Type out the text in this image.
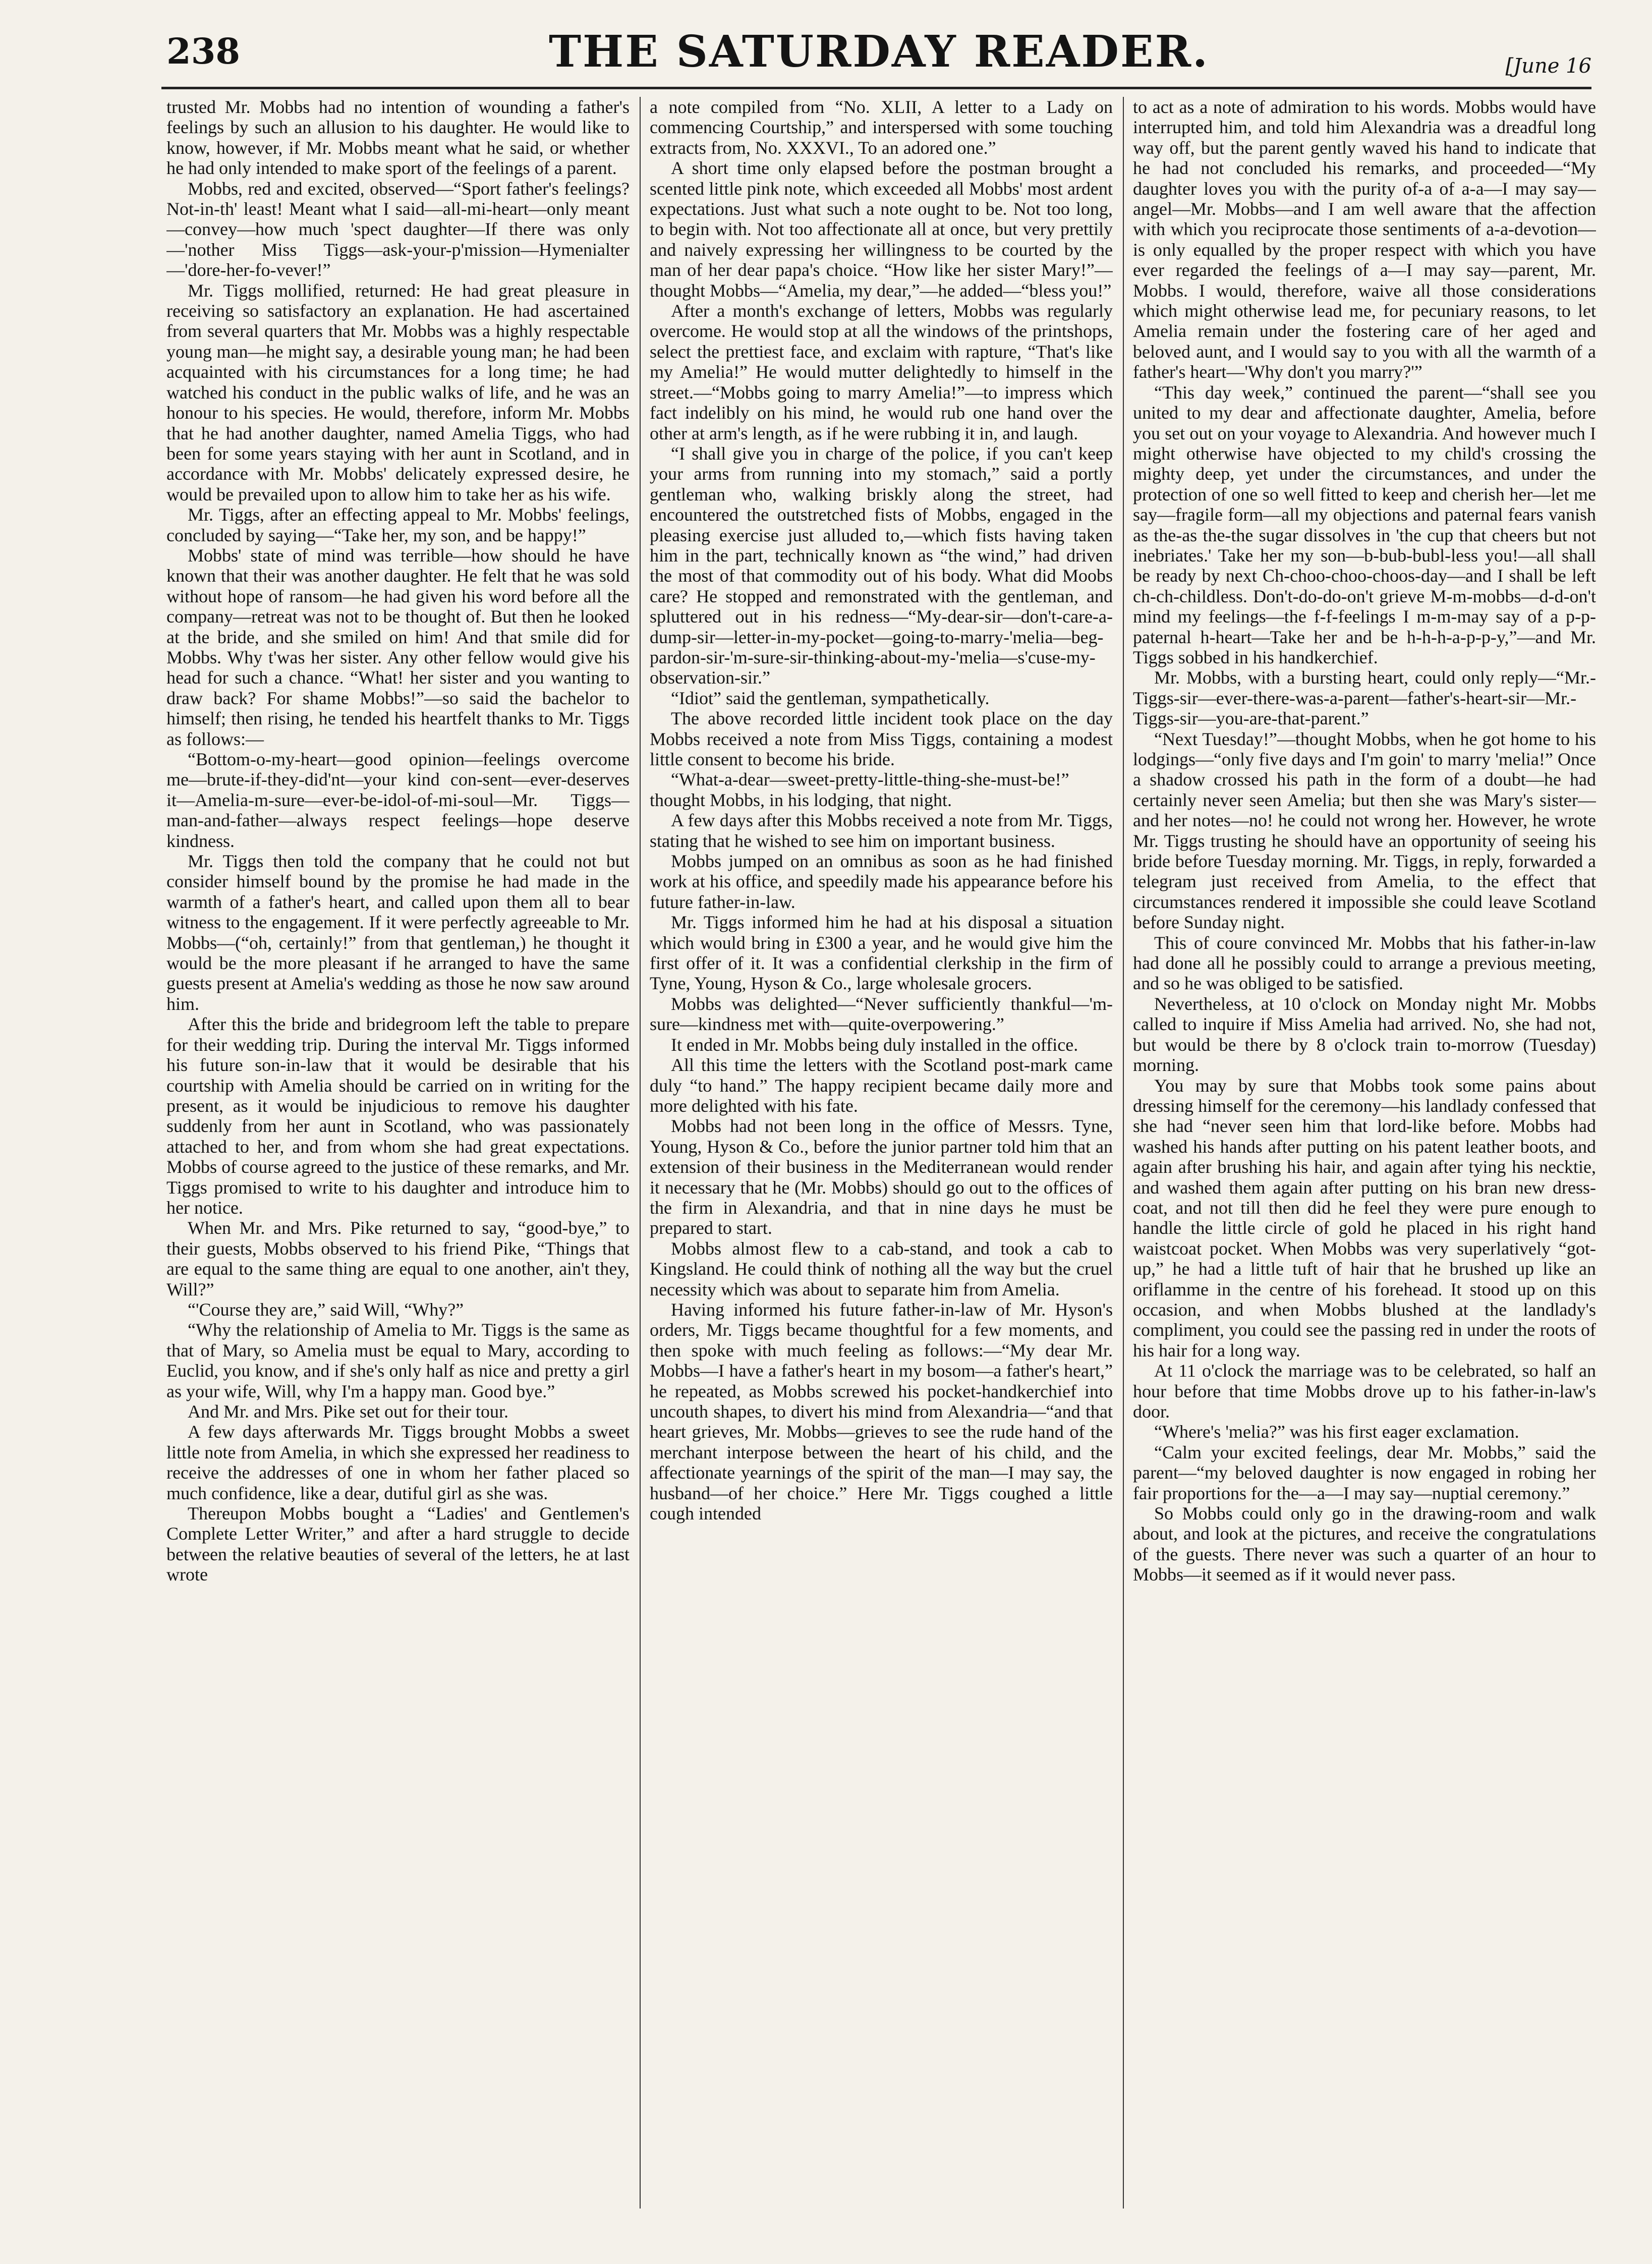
238	THE SATURDAY READER.	[June 16

trusted Mr. Mobbs had no intention of wounding a father's feelings by such an allusion to his daughter. He would like to know, however, if Mr. Mobbs meant what he said, or whether he had only intended to make sport of the feelings of a parent.

Mobbs, red and excited, observed—“Sport father's feelings? Not-in-th' least! Meant what I said—all-mi-heart—only meant—convey—how much 'spect daughter—If there was only—'nother Miss Tiggs—ask-your-p'mission—Hymenialter—'dore-her-fo-vever!”

Mr. Tiggs mollified, returned: He had great pleasure in receiving so satisfactory an explanation. He had ascertained from several quarters that Mr. Mobbs was a highly respectable young man—he might say, a desirable young man; he had been acquainted with his circumstances for a long time; he had watched his conduct in the public walks of life, and he was an honour to his species. He would, therefore, inform Mr. Mobbs that he had another daughter, named Amelia Tiggs, who had been for some years staying with her aunt in Scotland, and in accordance with Mr. Mobbs' delicately expressed desire, he would be prevailed upon to allow him to take her as his wife.

Mr. Tiggs, after an effecting appeal to Mr. Mobbs' feelings, concluded by saying—“Take her, my son, and be happy!”

Mobbs' state of mind was terrible—how should he have known that their was another daughter. He felt that he was sold without hope of ransom—he had given his word before all the company—retreat was not to be thought of. But then he looked at the bride, and she smiled on him! And that smile did for Mobbs. Why t'was her sister. Any other fellow would give his head for such a chance. “What! her sister and you wanting to draw back? For shame Mobbs!”—so said the bachelor to himself; then rising, he tended his heartfelt thanks to Mr. Tiggs as follows:—

“Bottom-o-my-heart—good opinion—feelings overcome me—brute-if-they-did'nt—your kind con-sent—ever-deserves it—Amelia-m-sure—ever-be-idol-of-mi-soul—Mr. Tiggs—man-and-father—always respect feelings—hope deserve kindness.

Mr. Tiggs then told the company that he could not but consider himself bound by the promise he had made in the warmth of a father's heart, and called upon them all to bear witness to the engagement. If it were perfectly agreeable to Mr. Mobbs—(“oh, certainly!” from that gentleman,) he thought it would be the more pleasant if he arranged to have the same guests present at Amelia's wedding as those he now saw around him.

After this the bride and bridegroom left the table to prepare for their wedding trip. During the interval Mr. Tiggs informed his future son-in-law that it would be desirable that his courtship with Amelia should be carried on in writing for the present, as it would be injudicious to remove his daughter suddenly from her aunt in Scotland, who was passionately attached to her, and from whom she had great expectations. Mobbs of course agreed to the justice of these remarks, and Mr. Tiggs promised to write to his daughter and introduce him to her notice.

When Mr. and Mrs. Pike returned to say, “good-bye,” to their guests, Mobbs observed to his friend Pike, “Things that are equal to the same thing are equal to one another, ain't they, Will?”

“'Course they are,” said Will, “Why?”

“Why the relationship of Amelia to Mr. Tiggs is the same as that of Mary, so Amelia must be equal to Mary, according to Euclid, you know, and if she's only half as nice and pretty a girl as your wife, Will, why I'm a happy man. Good bye.”

And Mr. and Mrs. Pike set out for their tour.

A few days afterwards Mr. Tiggs brought Mobbs a sweet little note from Amelia, in which she expressed her readiness to receive the addresses of one in whom her father placed so much confidence, like a dear, dutiful girl as she was.

Thereupon Mobbs bought a “Ladies' and Gentlemen's Complete Letter Writer,” and after a hard struggle to decide between the relative beauties of several of the letters, he at last wrote

a note compiled from “No. XLII, A letter to a Lady on commencing Courtship,” and interspersed with some touching extracts from, No. XXXVI., To an adored one.”

A short time only elapsed before the postman brought a scented little pink note, which exceeded all Mobbs' most ardent expectations. Just what such a note ought to be. Not too long, to begin with. Not too affectionate all at once, but very prettily and naively expressing her willingness to be courted by the man of her dear papa's choice. “How like her sister Mary!”—thought Mobbs—“Amelia, my dear,”—he added—“bless you!”

After a month's exchange of letters, Mobbs was regularly overcome. He would stop at all the windows of the printshops, select the prettiest face, and exclaim with rapture, “That's like my Amelia!” He would mutter delightedly to himself in the street.—“Mobbs going to marry Amelia!”—to impress which fact indelibly on his mind, he would rub one hand over the other at arm's length, as if he were rubbing it in, and laugh.

“I shall give you in charge of the police, if you can't keep your arms from running into my stomach,” said a portly gentleman who, walking briskly along the street, had encountered the outstretched fists of Mobbs, engaged in the pleasing exercise just alluded to,—which fists having taken him in the part, technically known as “the wind,” had driven the most of that commodity out of his body. What did Moobs care? He stopped and remonstrated with the gentleman, and spluttered out in his redness—“My-dear-sir—don't-care-a-dump-sir—letter-in-my-pocket—going-to-marry-'melia—beg-pardon-sir-'m-sure-sir-thinking-about-my-'melia—s'cuse-my-observation-sir.”

“Idiot” said the gentleman, sympathetically.

The above recorded little incident took place on the day Mobbs received a note from Miss Tiggs, containing a modest little consent to become his bride.

“What-a-dear—sweet-pretty-little-thing-she-must-be!” thought Mobbs, in his lodging, that night.

A few days after this Mobbs received a note from Mr. Tiggs, stating that he wished to see him on important business.

Mobbs jumped on an omnibus as soon as he had finished work at his office, and speedily made his appearance before his future father-in-law.

Mr. Tiggs informed him he had at his disposal a situation which would bring in £300 a year, and he would give him the first offer of it. It was a confidential clerkship in the firm of Tyne, Young, Hyson & Co., large wholesale grocers.

Mobbs was delighted—“Never sufficiently thankful—'m-sure—kindness met with—quite-overpowering.”

It ended in Mr. Mobbs being duly installed in the office.

All this time the letters with the Scotland post-mark came duly “to hand.” The happy recipient became daily more and more delighted with his fate.

Mobbs had not been long in the office of Messrs. Tyne, Young, Hyson & Co., before the junior partner told him that an extension of their business in the Mediterranean would render it necessary that he (Mr. Mobbs) should go out to the offices of the firm in Alexandria, and that in nine days he must be prepared to start.

Mobbs almost flew to a cab-stand, and took a cab to Kingsland. He could think of nothing all the way but the cruel necessity which was about to separate him from Amelia.

Having informed his future father-in-law of Mr. Hyson's orders, Mr. Tiggs became thoughtful for a few moments, and then spoke with much feeling as follows:—“My dear Mr. Mobbs—I have a father's heart in my bosom—a father's heart,” he repeated, as Mobbs screwed his pocket-handkerchief into uncouth shapes, to divert his mind from Alexandria—“and that heart grieves, Mr. Mobbs—grieves to see the rude hand of the merchant interpose between the heart of his child, and the affectionate yearnings of the spirit of the man—I may say, the husband—of her choice.” Here Mr. Tiggs coughed a little cough intended

to act as a note of admiration to his words. Mobbs would have interrupted him, and told him Alexandria was a dreadful long way off, but the parent gently waved his hand to indicate that he had not concluded his remarks, and proceeded—“My daughter loves you with the purity of-a of a-a—I may say—angel—Mr. Mobbs—and I am well aware that the affection with which you reciprocate those sentiments of a-a-devotion—is only equalled by the proper respect with which you have ever regarded the feelings of a—I may say—parent, Mr. Mobbs. I would, therefore, waive all those considerations which might otherwise lead me, for pecuniary reasons, to let Amelia remain under the fostering care of her aged and beloved aunt, and I would say to you with all the warmth of a father's heart—'Why don't you marry?'”

“This day week,” continued the parent—“shall see you united to my dear and affectionate daughter, Amelia, before you set out on your voyage to Alexandria. And however much I might otherwise have objected to my child's crossing the mighty deep, yet under the circumstances, and under the protection of one so well fitted to keep and cherish her—let me say—fragile form—all my objections and paternal fears vanish as the-as the-the sugar dissolves in 'the cup that cheers but not inebriates.' Take her my son—b-bub-bubl-less you!—all shall be ready by next Ch-choo-choo-choos-day—and I shall be left ch-ch-childless. Don't-do-do-on't grieve M-m-mobbs—d-d-on't mind my feelings—the f-f-feelings I m-m-may say of a p-p-paternal h-heart—Take her and be h-h-h-a-p-p-y,”—and Mr. Tiggs sobbed in his handkerchief.

Mr. Mobbs, with a bursting heart, could only reply—“Mr.-Tiggs-sir—ever-there-was-a-parent—father's-heart-sir—Mr.-Tiggs-sir—you-are-that-parent.”

“Next Tuesday!”—thought Mobbs, when he got home to his lodgings—“only five days and I'm goin' to marry 'melia!” Once a shadow crossed his path in the form of a doubt—he had certainly never seen Amelia; but then she was Mary's sister—and her notes—no! he could not wrong her. However, he wrote Mr. Tiggs trusting he should have an opportunity of seeing his bride before Tuesday morning. Mr. Tiggs, in reply, forwarded a telegram just received from Amelia, to the effect that circumstances rendered it impossible she could leave Scotland before Sunday night.

This of coure convinced Mr. Mobbs that his father-in-law had done all he possibly could to arrange a previous meeting, and so he was obliged to be satisfied.

Nevertheless, at 10 o'clock on Monday night Mr. Mobbs called to inquire if Miss Amelia had arrived. No, she had not, but would be there by 8 o'clock train to-morrow (Tuesday) morning.

You may by sure that Mobbs took some pains about dressing himself for the ceremony—his landlady confessed that she had “never seen him that lord-like before. Mobbs had washed his hands after putting on his patent leather boots, and again after brushing his hair, and again after tying his necktie, and washed them again after putting on his bran new dress-coat, and not till then did he feel they were pure enough to handle the little circle of gold he placed in his right hand waistcoat pocket. When Mobbs was very superlatively “got-up,” he had a little tuft of hair that he brushed up like an oriflamme in the centre of his forehead. It stood up on this occasion, and when Mobbs blushed at the landlady's compliment, you could see the passing red in under the roots of his hair for a long way.

At 11 o'clock the marriage was to be celebrated, so half an hour before that time Mobbs drove up to his father-in-law's door.

“Where's 'melia?” was his first eager exclamation.

“Calm your excited feelings, dear Mr. Mobbs,” said the parent—“my beloved daughter is now engaged in robing her fair proportions for the—a—I may say—nuptial ceremony.”

So Mobbs could only go in the drawing-room and walk about, and look at the pictures, and receive the congratulations of the guests. There never was such a quarter of an hour to Mobbs—it seemed as if it would never pass.
